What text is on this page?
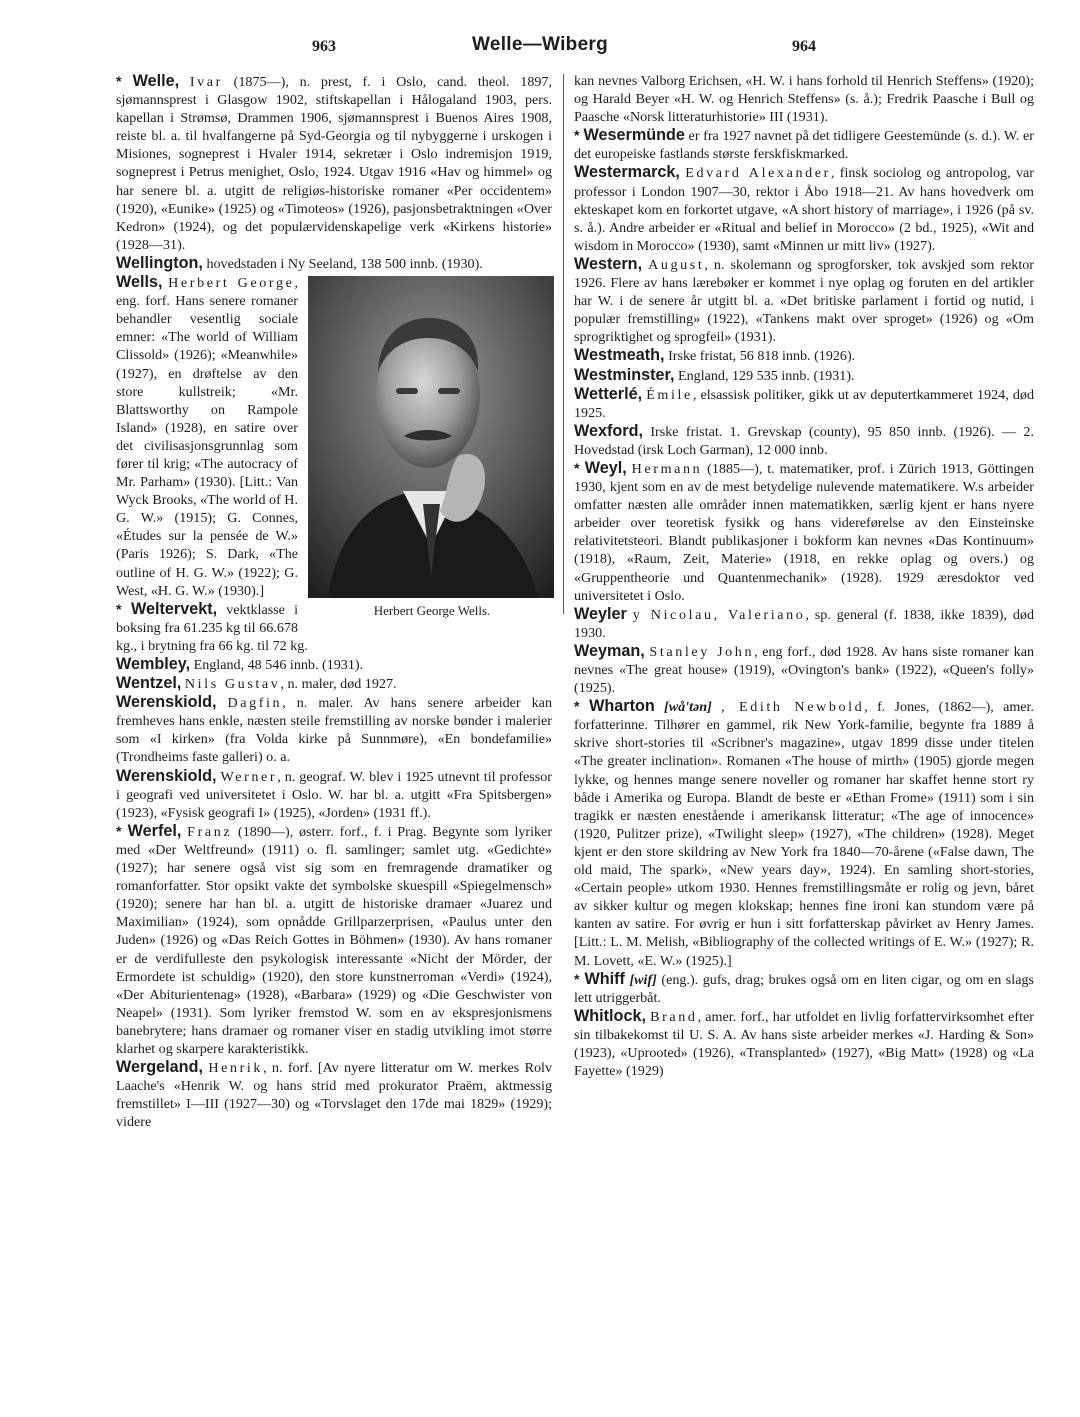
963	Welle—Wiberg	964

* Welle, Ivar (1875—), n. prest, f. i Oslo, cand. theol. 1897, sjømannsprest i Glasgow 1902, stiftskapellan i Hålogaland 1903, pers. kapellan i Strømsø, Drammen 1906, sjømannsprest i Buenos Aires 1908, reiste bl. a. til hvalfangerne på Syd-Georgia og til nybyggerne i urskogen i Misiones, sogneprest i Hvaler 1914, sekretær i Oslo indremisjon 1919, sogneprest i Petrus menighet, Oslo, 1924. Utgav 1916 «Hav og himmel» og har senere bl. a. utgitt de religiøs-historiske romaner «Per occidentem» (1920), «Eunike» (1925) og «Timoteos» (1926), pasjonsbetraktningen «Over Kedron» (1924), og det populærvidenskapelige verk «Kirkens historie» (1928—31).

Wellington, hovedstaden i Ny Seeland, 138 500 innb. (1930).

Herbert George Wells.
Wells, Herbert George, eng. forf. Hans senere romaner behandler vesentlig sociale emner: «The world of William Clissold» (1926); «Meanwhile» (1927), en drøftelse av den store kullstreik; «Mr. Blattsworthy on Rampole Island» (1928), en satire over det civilisasjonsgrunnlag som fører til krig; «The autocracy of Mr. Parham» (1930). [Litt.: Van Wyck Brooks, «The world of H. G. W.» (1915); G. Connes, «Études sur la pensée de W.» (Paris 1926); S. Dark, «The outline of H. G. W.» (1922); G. West, «H. G. W.» (1930).]

* Weltervekt, vektklasse i boksing fra 61.235 kg til 66.678 kg., i brytning fra 66 kg. til 72 kg.

Wembley, England, 48 546 innb. (1931).

Wentzel, Nils Gustav, n. maler, død 1927.

Werenskiold, Dagfin, n. maler. Av hans senere arbeider kan fremheves hans enkle, næsten steile fremstilling av norske bønder i malerier som «I kirken» (fra Volda kirke på Sunnmøre), «En bondefamilie» (Trondheims faste galleri) o. a.

Werenskiold, Werner, n. geograf. W. blev i 1925 utnevnt til professor i geografi ved universitetet i Oslo. W. har bl. a. utgitt «Fra Spitsbergen» (1923), «Fysisk geografi I» (1925), «Jorden» (1931 ff.).

* Werfel, Franz (1890—), østerr. forf., f. i Prag. Begynte som lyriker med «Der Weltfreund» (1911) o. fl. samlinger; samlet utg. «Gedichte» (1927); har senere også vist sig som en fremragende dramatiker og romanforfatter. Stor opsikt vakte det symbolske skuespill «Spiegelmensch» (1920); senere har han bl. a. utgitt de historiske dramaer «Juarez und Maximilian» (1924), som opnådde Grillparzerprisen, «Paulus unter den Juden» (1926) og «Das Reich Gottes in Böhmen» (1930). Av hans romaner er de verdifulleste den psykologisk interessante «Nicht der Mörder, der Ermordete ist schuldig» (1920), den store kunstnerroman «Verdi» (1924), «Der Abiturientenag» (1928), «Barbara» (1929) og «Die Geschwister von Neapel» (1931). Som lyriker fremstod W. som en av ekspresjonismens banebrytere; hans dramaer og romaner viser en stadig utvikling imot større klarhet og skarpere karakteristikk.

Wergeland, Henrik, n. forf. [Av nyere litteratur om W. merkes Rolv Laache's «Henrik W. og hans strid med prokurator Praëm, aktmessig fremstillet» I—III (1927—30) og «Torvslaget den 17de mai 1829» (1929); videre

kan nevnes Valborg Erichsen, «H. W. i hans forhold til Henrich Steffens» (1920); og Harald Beyer «H. W. og Henrich Steffens» (s. å.); Fredrik Paasche i Bull og Paasche «Norsk litteraturhistorie» III (1931).

* Wesermünde er fra 1927 navnet på det tidligere Geestemünde (s. d.). W. er det europeiske fastlands største ferskfiskmarked.

Westermarck, Edvard Alexander, finsk sociolog og antropolog, var professor i London 1907—30, rektor i Åbo 1918—21. Av hans hovedverk om ekteskapet kom en forkortet utgave, «A short history of marriage», i 1926 (på sv. s. å.). Andre arbeider er «Ritual and belief in Morocco» (2 bd., 1925), «Wit and wisdom in Morocco» (1930), samt «Minnen ur mitt liv» (1927).

Western, August, n. skolemann og sprogforsker, tok avskjed som rektor 1926. Flere av hans lærebøker er kommet i nye oplag og foruten en del artikler har W. i de senere år utgitt bl. a. «Det britiske parlament i fortid og nutid, i populær fremstilling» (1922), «Tankens makt over sproget» (1926) og «Om sprogriktighet og sprogfeil» (1931).

Westmeath, Irske fristat, 56 818 innb. (1926).

Westminster, England, 129 535 innb. (1931).

Wetterlé, Émile, elsassisk politiker, gikk ut av deputertkammeret 1924, død 1925.

Wexford, Irske fristat. 1. Grevskap (county), 95 850 innb. (1926). — 2. Hovedstad (irsk Loch Garman), 12 000 innb.

* Weyl, Hermann (1885—), t. matematiker, prof. i Zürich 1913, Göttingen 1930, kjent som en av de mest betydelige nulevende matematikere. W.s arbeider omfatter næsten alle områder innen matematikken, særlig kjent er hans nyere arbeider over teoretisk fysikk og hans videreførelse av den Einsteinske relativitetsteori. Blandt publikasjoner i bokform kan nevnes «Das Kontinuum» (1918), «Raum, Zeit, Materie» (1918, en rekke oplag og overs.) og «Gruppentheorie und Quantenmechanik» (1928). 1929 æresdoktor ved universitetet i Oslo.

Weyler y Nicolau, Valeriano, sp. general (f. 1838, ikke 1839), død 1930.

Weyman, Stanley John, eng forf., død 1928. Av hans siste romaner kan nevnes «The great house» (1919), «Ovington's bank» (1922), «Queen's folly» (1925).

* Wharton [wå'tən] , Edith Newbold, f. Jones, (1862—), amer. forfatterinne. Tilhører en gammel, rik New York-familie, begynte fra 1889 å skrive short-stories til «Scribner's magazine», utgav 1899 disse under titelen «The greater inclination». Romanen «The house of mirth» (1905) gjorde megen lykke, og hennes mange senere noveller og romaner har skaffet henne stort ry både i Amerika og Europa. Blandt de beste er «Ethan Frome» (1911) som i sin tragikk er næsten enestående i amerikansk litteratur; «The age of innocence» (1920, Pulitzer prize), «Twilight sleep» (1927), «The children» (1928). Meget kjent er den store skildring av New York fra 1840—70-årene («False dawn, The old maid, The spark», «New years day», 1924). En samling short-stories, «Certain people» utkom 1930. Hennes fremstillingsmåte er rolig og jevn, båret av sikker kultur og megen klokskap; hennes fine ironi kan stundom være på kanten av satire. For øvrig er hun i sitt forfatterskap påvirket av Henry James. [Litt.: L. M. Melish, «Bibliography of the collected writings of E. W.» (1927); R. M. Lovett, «E. W.» (1925).]

* Whiff [wif] (eng.). gufs, drag; brukes også om en liten cigar, og om en slags lett utriggerbåt.

Whitlock, Brand, amer. forf., har utfoldet en livlig forfattervirksomhet efter sin tilbakekomst til U. S. A. Av hans siste arbeider merkes «J. Harding & Son» (1923), «Uprooted» (1926), «Transplanted» (1927), «Big Matt» (1928) og «La Fayette» (1929)
